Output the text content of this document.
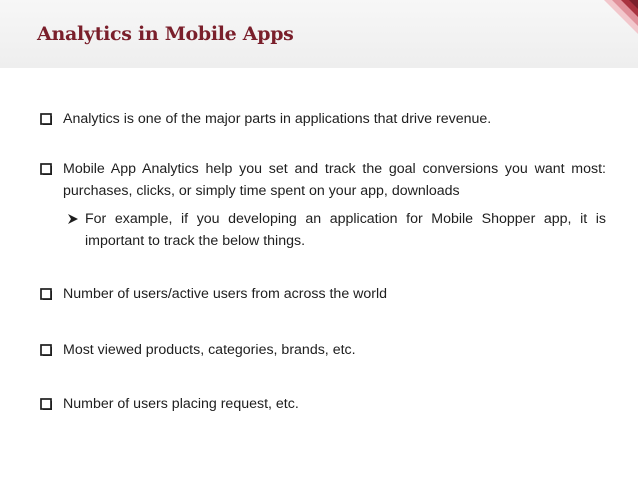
Analytics in Mobile Apps
Analytics is one of the major parts in applications that drive revenue.
Mobile App Analytics help you set and track the goal conversions you want most: purchases, clicks, or simply time spent on your app, downloads
For example, if you developing an application for Mobile Shopper app, it is important to track the below things.
Number of users/active users from across the world
Most viewed products, categories, brands, etc.
Number of users placing request, etc.
